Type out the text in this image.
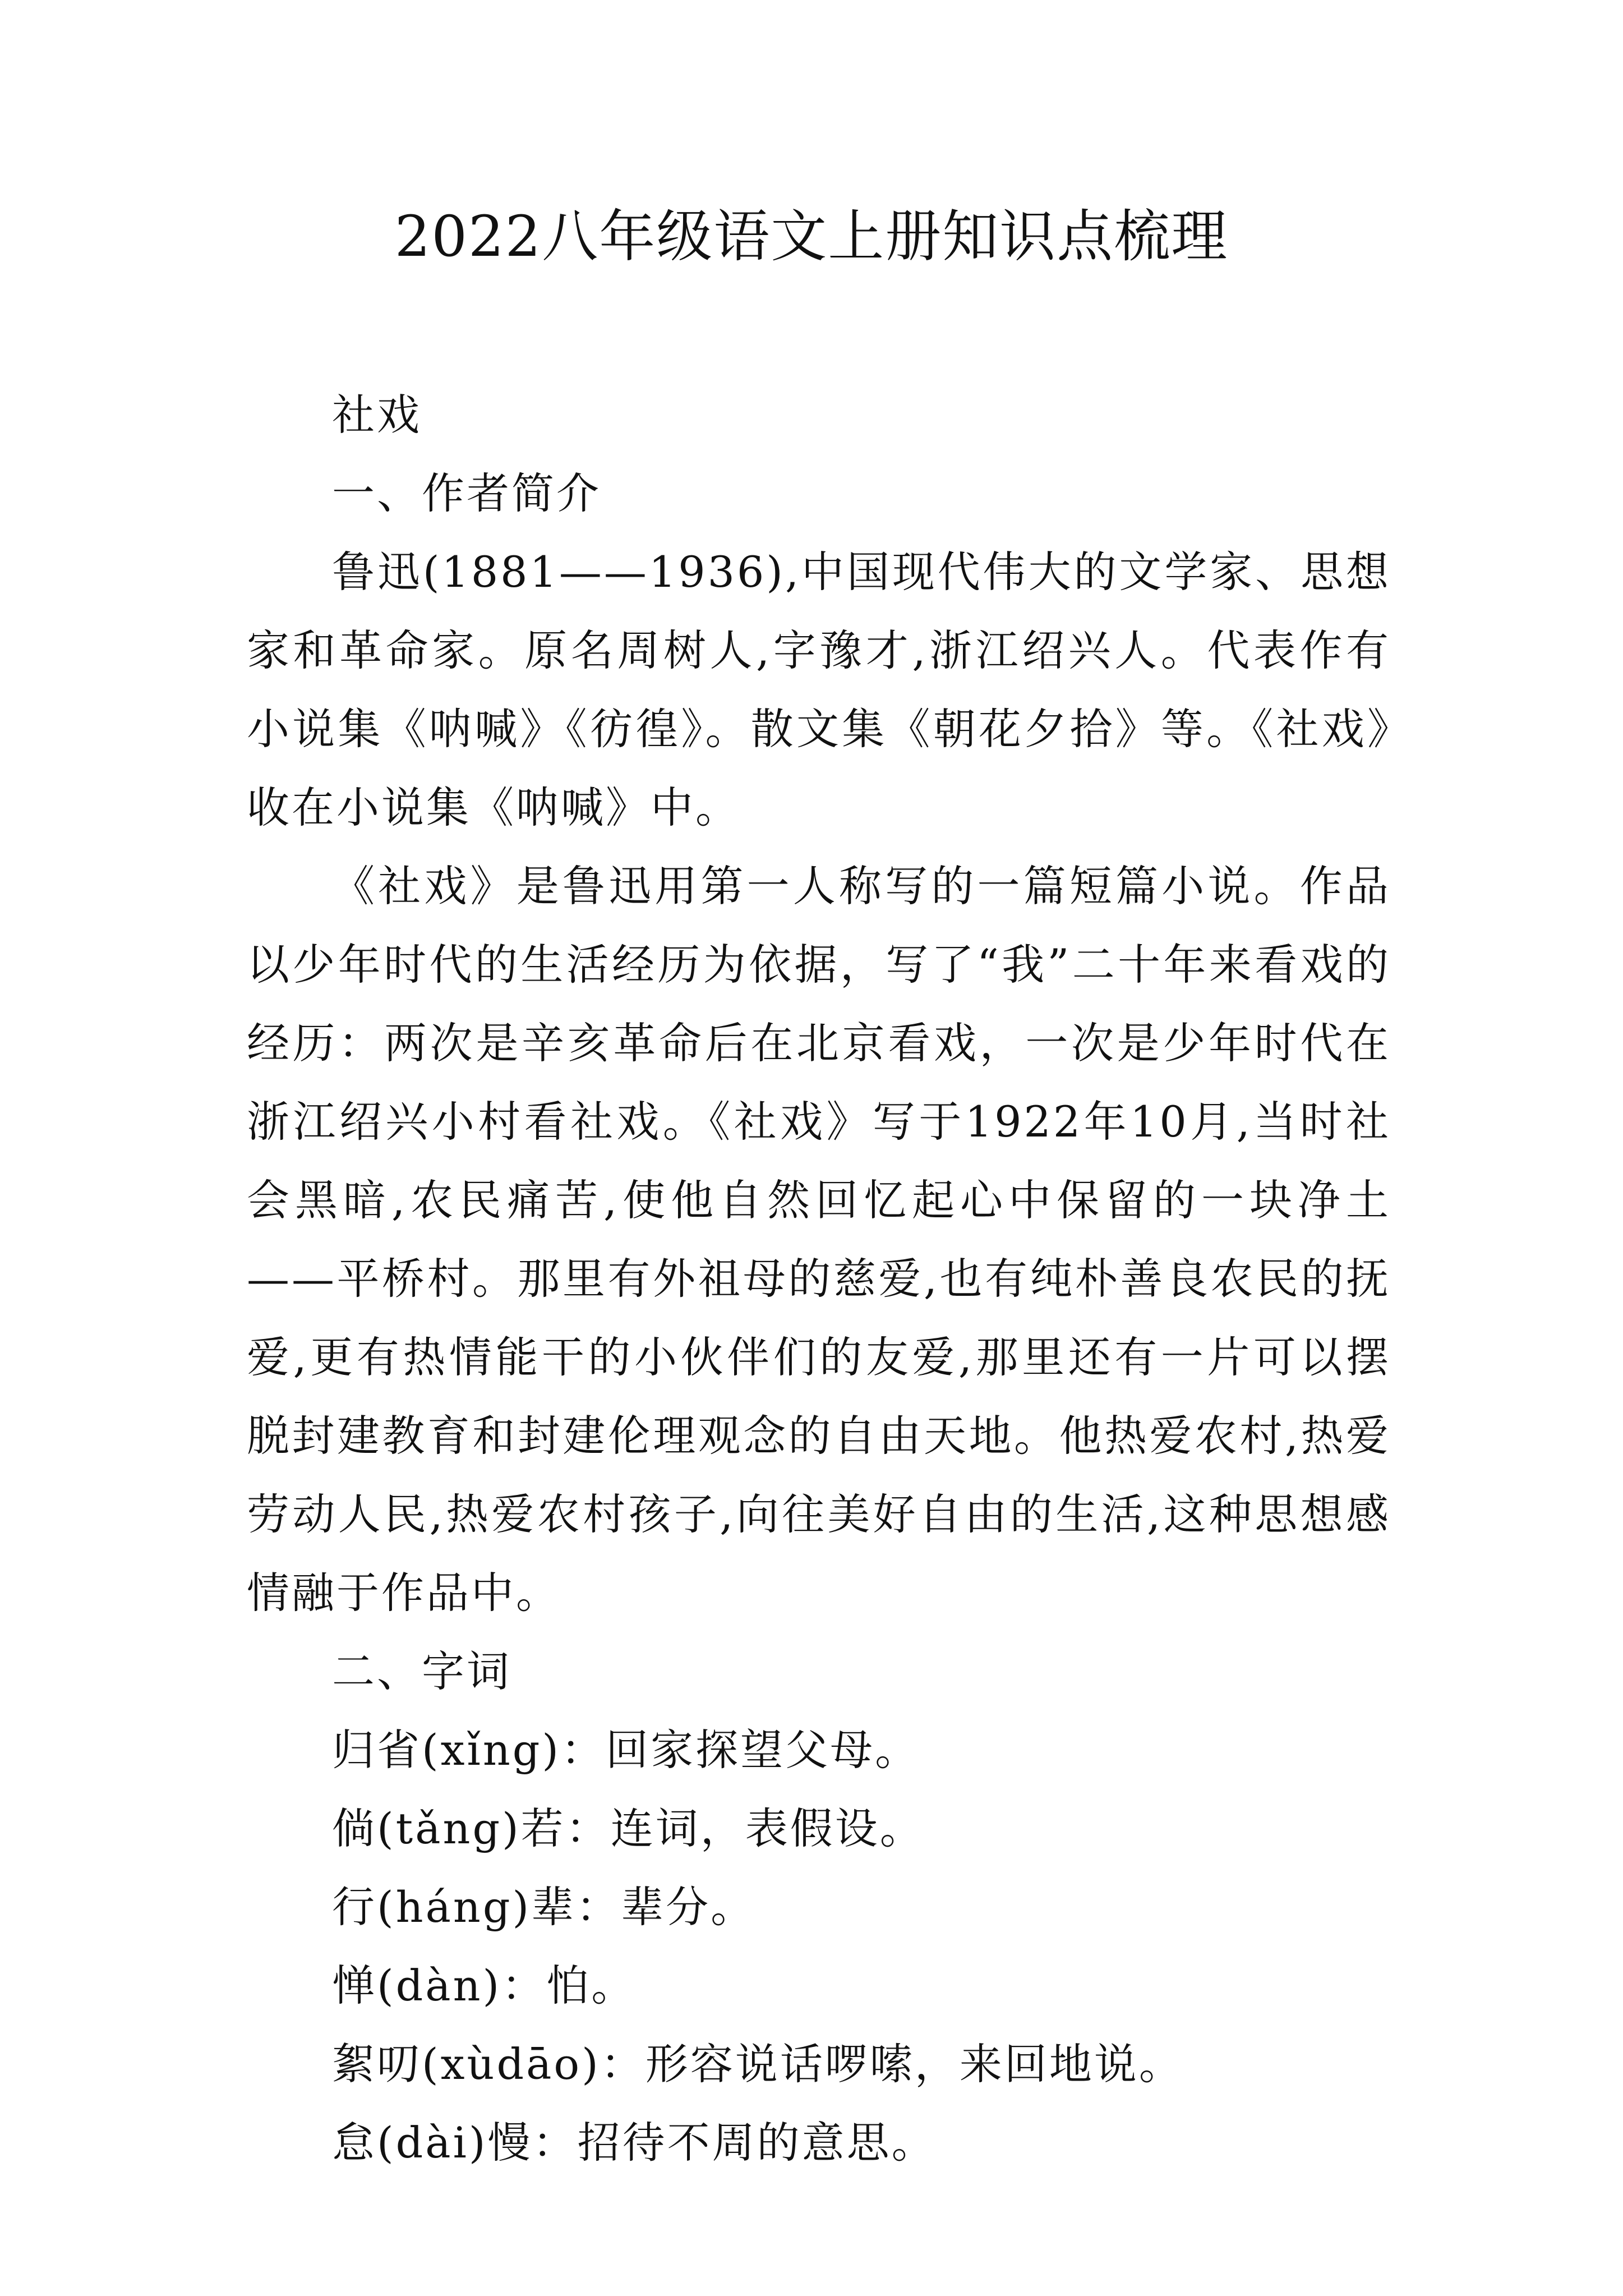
2022八年级语文上册知识点梳理

社戏

一、作者简介

鲁迅(1881——1936),中国现代伟大的文学家、思想家和革命家。原名周树人,字豫才,浙江绍兴人。代表作有小说集《呐喊》《彷徨》。散文集《朝花夕拾》等。《社戏》收在小说集《呐喊》中。

《社戏》是鲁迅用第一人称写的一篇短篇小说。作品以少年时代的生活经历为依据，写了“我”二十年来看戏的经历：两次是辛亥革命后在北京看戏，一次是少年时代在浙江绍兴小村看社戏。《社戏》写于1922年10月,当时社会黑暗,农民痛苦,使他自然回忆起心中保留的一块净土——平桥村。那里有外祖母的慈爱,也有纯朴善良农民的抚爱,更有热情能干的小伙伴们的友爱,那里还有一片可以摆脱封建教育和封建伦理观念的自由天地。他热爱农村,热爱劳动人民,热爱农村孩子,向往美好自由的生活,这种思想感情融于作品中。

二、字词

归省(xǐng)：回家探望父母。

倘(tǎng)若：连词，表假设。

行(háng)辈：辈分。

惮(dàn)：怕。

絮叨(xùdāo)：形容说话啰嗦，来回地说。

怠(dài)慢：招待不周的意思。
